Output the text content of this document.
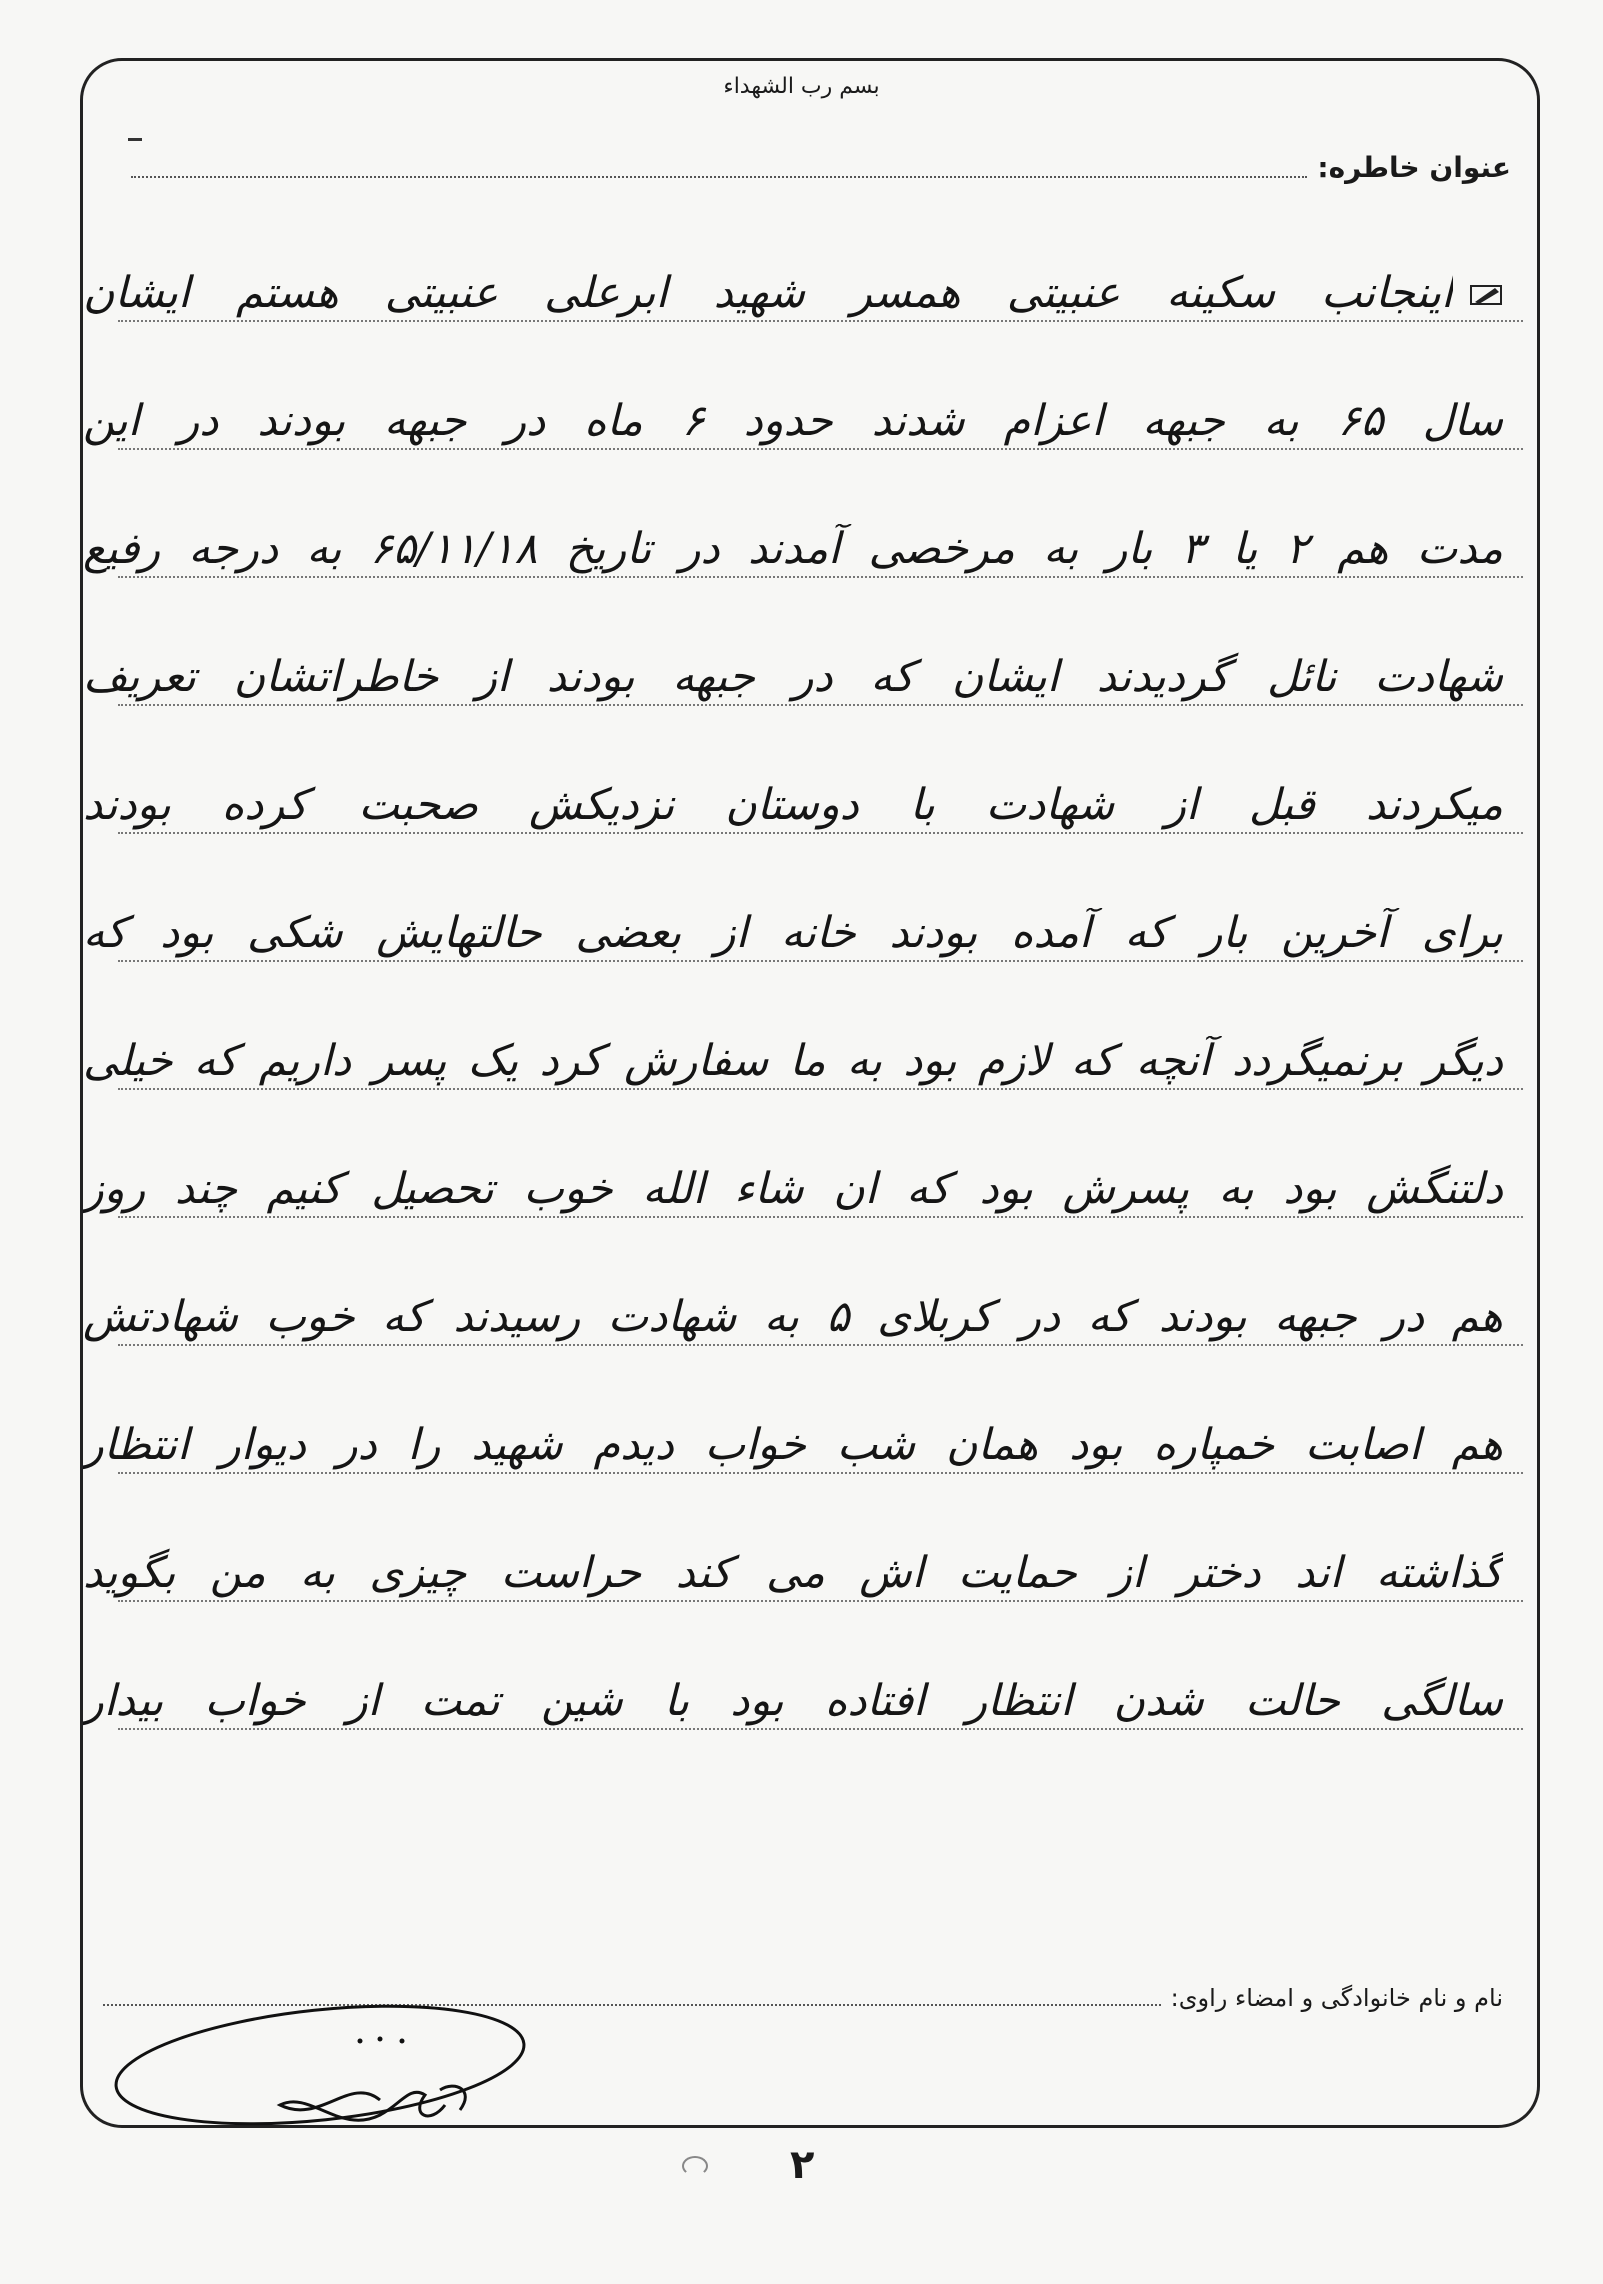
بسم رب الشهداء
عنوان خاطره:
اینجانب سکینه عنبیتی همسر شهید ابرعلی عنبیتی هستم ایشان
سال ۶۵ به جبهه اعزام شدند حدود ۶ ماه در جبهه بودند در این
مدت هم ۲ یا ۳ بار به مرخصی آمدند در تاریخ ۶۵/۱۱/۱۸ به درجه رفیع
شهادت نائل گردیدند ایشان که در جبهه بودند از خاطراتشان تعریف
میکردند قبل از شهادت با دوستان نزدیکش صحبت کرده بودند
برای آخرین بار که آمده بودند خانه از بعضی حالتهایش شکی بود که
دیگر برنمیگردد آنچه که لازم بود به ما سفارش کرد یک پسر داریم که خیلی
دلتنگش بود به پسرش بود که ان شاء الله خوب تحصیل کنیم چند روز
هم در جبهه بودند که در کربلای ۵ به شهادت رسیدند که خوب شهادتش
هم اصابت خمپاره بود همان شب خواب دیدم شهید را در دیوار انتظار
گذاشته اند دختر از حمایت اش می کند حراست چیزی به من بگوید
سالگی حالت شدن انتظار افتاده بود با شین تمت از خواب بیدار
نام و نام خانوادگی و امضاء راوی:
۲
